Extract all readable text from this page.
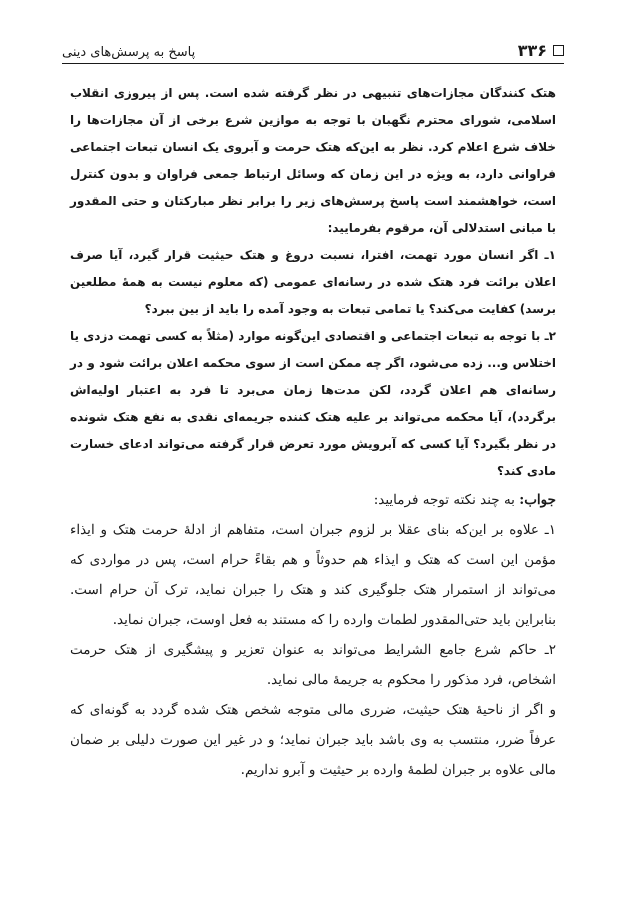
۳۳۶
پاسخ به پرسش‌های دینی

هتک کنندگان مجازات‌های تنبیهی در نظر گرفته شده است. پس از پیروزی انقلاب اسلامی، شورای محترم نگهبان با توجه به موازین شرع برخی از آن مجازات‌ها را خلاف شرع اعلام کرد. نظر به این‌که هتک حرمت و آبروی یک انسان تبعات اجتماعی فراوانی دارد، به ویژه در این زمان که وسائل ارتباط جمعی فراوان و بدون کنترل است، خواهشمند است پاسخ پرسش‌های زیر را برابر نظر مبارکتان و حتی المقدور با مبانی استدلالی آن، مرقوم بفرمایید:

۱ـ اگر انسان مورد تهمت، افترا، نسبت دروغ و هتک حیثیت قرار گیرد، آیا صرف اعلان برائت فرد هتک شده در رسانه‌ای عمومی (که معلوم نیست به همهٔ مطلعین برسد) کفایت می‌کند؟ یا تمامی تبعات به وجود آمده را باید از بین ببرد؟

۲ـ با توجه به تبعات اجتماعی و اقتصادی این‌گونه موارد (مثلاً به کسی تهمت دزدی یا اختلاس و... زده می‌شود، اگر چه ممکن است از سوی محکمه اعلان برائت شود و در رسانه‌ای هم اعلان گردد، لکن مدت‌ها زمان می‌برد تا فرد به اعتبار اولیه‌اش برگردد)، آیا محکمه می‌تواند بر علیه هتک کننده جریمه‌ای نقدی به نفع هتک شونده در نظر بگیرد؟ آیا کسی که آبرویش مورد تعرض قرار گرفته می‌تواند ادعای خسارت مادی کند؟

جواب: به چند نکته توجه فرمایید:

۱ـ علاوه بر این‌که بنای عقلا بر لزوم جبران است، متفاهم از ادلهٔ حرمت هتک و ایذاء مؤمن این است که هتک و ایذاء هم حدوثاً و هم بقاءً حرام است، پس در مواردی که می‌تواند از استمرار هتک جلوگیری کند و هتک را جبران نماید، ترک آن حرام است. بنابراین باید حتی‌المقدور لطمات وارده را که مستند به فعل اوست، جبران نماید.

۲ـ حاکم شرع جامع الشرایط می‌تواند به عنوان تعزیر و پیشگیری از هتک حرمت اشخاص، فرد مذکور را محکوم به جریمهٔ مالی نماید.

و اگر از ناحیهٔ هتک حیثیت، ضرری مالی متوجه شخص هتک شده گردد به گونه‌ای که عرفاً ضرر، منتسب به وی باشد باید جبران نماید؛ و در غیر این صورت دلیلی بر ضمان مالی علاوه بر جبران لطمهٔ وارده بر حیثیت و آبرو نداریم.
